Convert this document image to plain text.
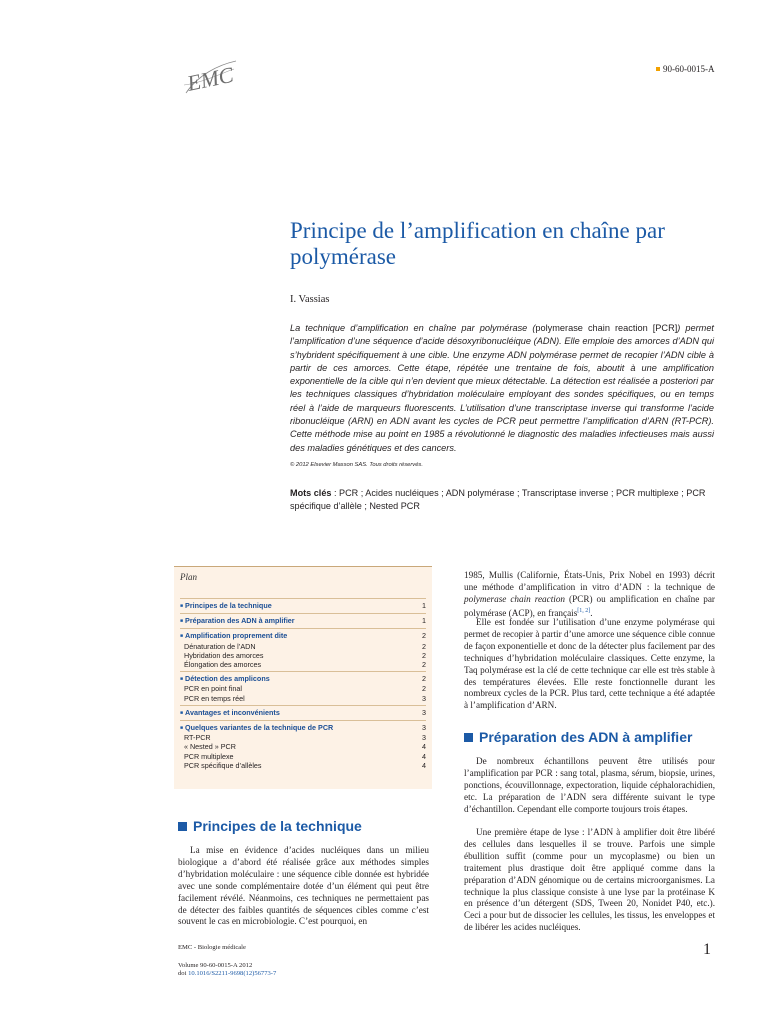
EMC	90-60-0015-A
Principe de l’amplification en chaîne par polymérase
I. Vassias

La technique d’amplification en chaîne par polymérase (polymerase chain reaction [PCR]) permet l’amplification d’une séquence d’acide désoxyribonucléique (ADN). Elle emploie des amorces d’ADN qui s’hybrident spécifiquement à une cible. Une enzyme ADN polymérase permet de recopier l’ADN cible à partir de ces amorces. Cette étape, répétée une trentaine de fois, aboutit à une amplification exponentielle de la cible qui n’en devient que mieux détectable. La détection est réalisée a posteriori par les techniques classiques d’hybridation moléculaire employant des sondes spécifiques, ou en temps réel à l’aide de marqueurs fluorescents. L’utilisation d’une transcriptase inverse qui transforme l’acide ribonucléique (ARN) en ADN avant les cycles de PCR peut permettre l’amplification d’ARN (RT-PCR). Cette méthode mise au point en 1985 a révolutionné le diagnostic des maladies infectieuses mais aussi des maladies génétiques et des cancers.

© 2012 Elsevier Masson SAS. Tous droits réservés.
Mots clés : PCR ; Acides nucléiques ; ADN polymérase ; Transcriptase inverse ; PCR multiplexe ; PCR spécifique d’allèle ; Nested PCR
Plan
■ Principes de la technique	1
■ Préparation des ADN à amplifier	1
■ Amplification proprement dite	2
Dénaturation de l’ADN	2
Hybridation des amorces	2
Élongation des amorces	2
■ Détection des amplicons	2
PCR en point final	2
PCR en temps réel	3
■ Avantages et inconvénients	3
■ Quelques variantes de la technique de PCR	3
RT-PCR	3
« Nested » PCR	4
PCR multiplexe	4
PCR spécifique d’allèles	4
Principes de la technique

La mise en évidence d’acides nucléiques dans un milieu biologique a d’abord été réalisée grâce aux méthodes simples d’hybridation moléculaire : une séquence cible donnée est hybridée avec une sonde complémentaire dotée d’un élément qui peut être facilement révélé. Néanmoins, ces techniques ne permettaient pas de détecter des faibles quantités de séquences cibles comme c’est souvent le cas en microbiologie. C’est pourquoi, en

1985, Mullis (Californie, États-Unis, Prix Nobel en 1993) décrit une méthode d’amplification in vitro d’ADN : la technique de polymerase chain reaction (PCR) ou amplification en chaîne par polymérase (ACP), en français[1, 2].

Elle est fondée sur l’utilisation d’une enzyme polymérase qui permet de recopier à partir d’une amorce une séquence cible connue de façon exponentielle et donc de la détecter plus facilement par des techniques d’hybridation moléculaire classiques. Cette enzyme, la Taq polymérase est la clé de cette technique car elle est très stable à des températures élevées. Elle reste fonctionnelle durant les nombreux cycles de la PCR. Plus tard, cette technique a été adaptée à l’amplification d’ARN.

Préparation des ADN à amplifier

De nombreux échantillons peuvent être utilisés pour l’amplification par PCR : sang total, plasma, sérum, biopsie, urines, ponctions, écouvillonnage, expectoration, liquide céphalorachidien, etc. La préparation de l’ADN sera différente suivant le type d’échantillon. Cependant elle comporte toujours trois étapes.

Une première étape de lyse : l’ADN à amplifier doit être libéré des cellules dans lesquelles il se trouve. Parfois une simple ébullition suffit (comme pour un mycoplasme) ou bien un traitement plus drastique doit être appliqué comme dans la préparation d’ADN génomique ou de certains microorganismes. La technique la plus classique consiste à une lyse par la protéinase K en présence d’un détergent (SDS, Tween 20, Nonidet P40, etc.). Ceci a pour but de dissocier les cellules, les tissus, les enveloppes et de libérer les acides nucléiques.

EMC - Biologie médicale
Volume 90-60-0015-A 2012
doi 10.1016/S2211-9698(12)56773-7
1
